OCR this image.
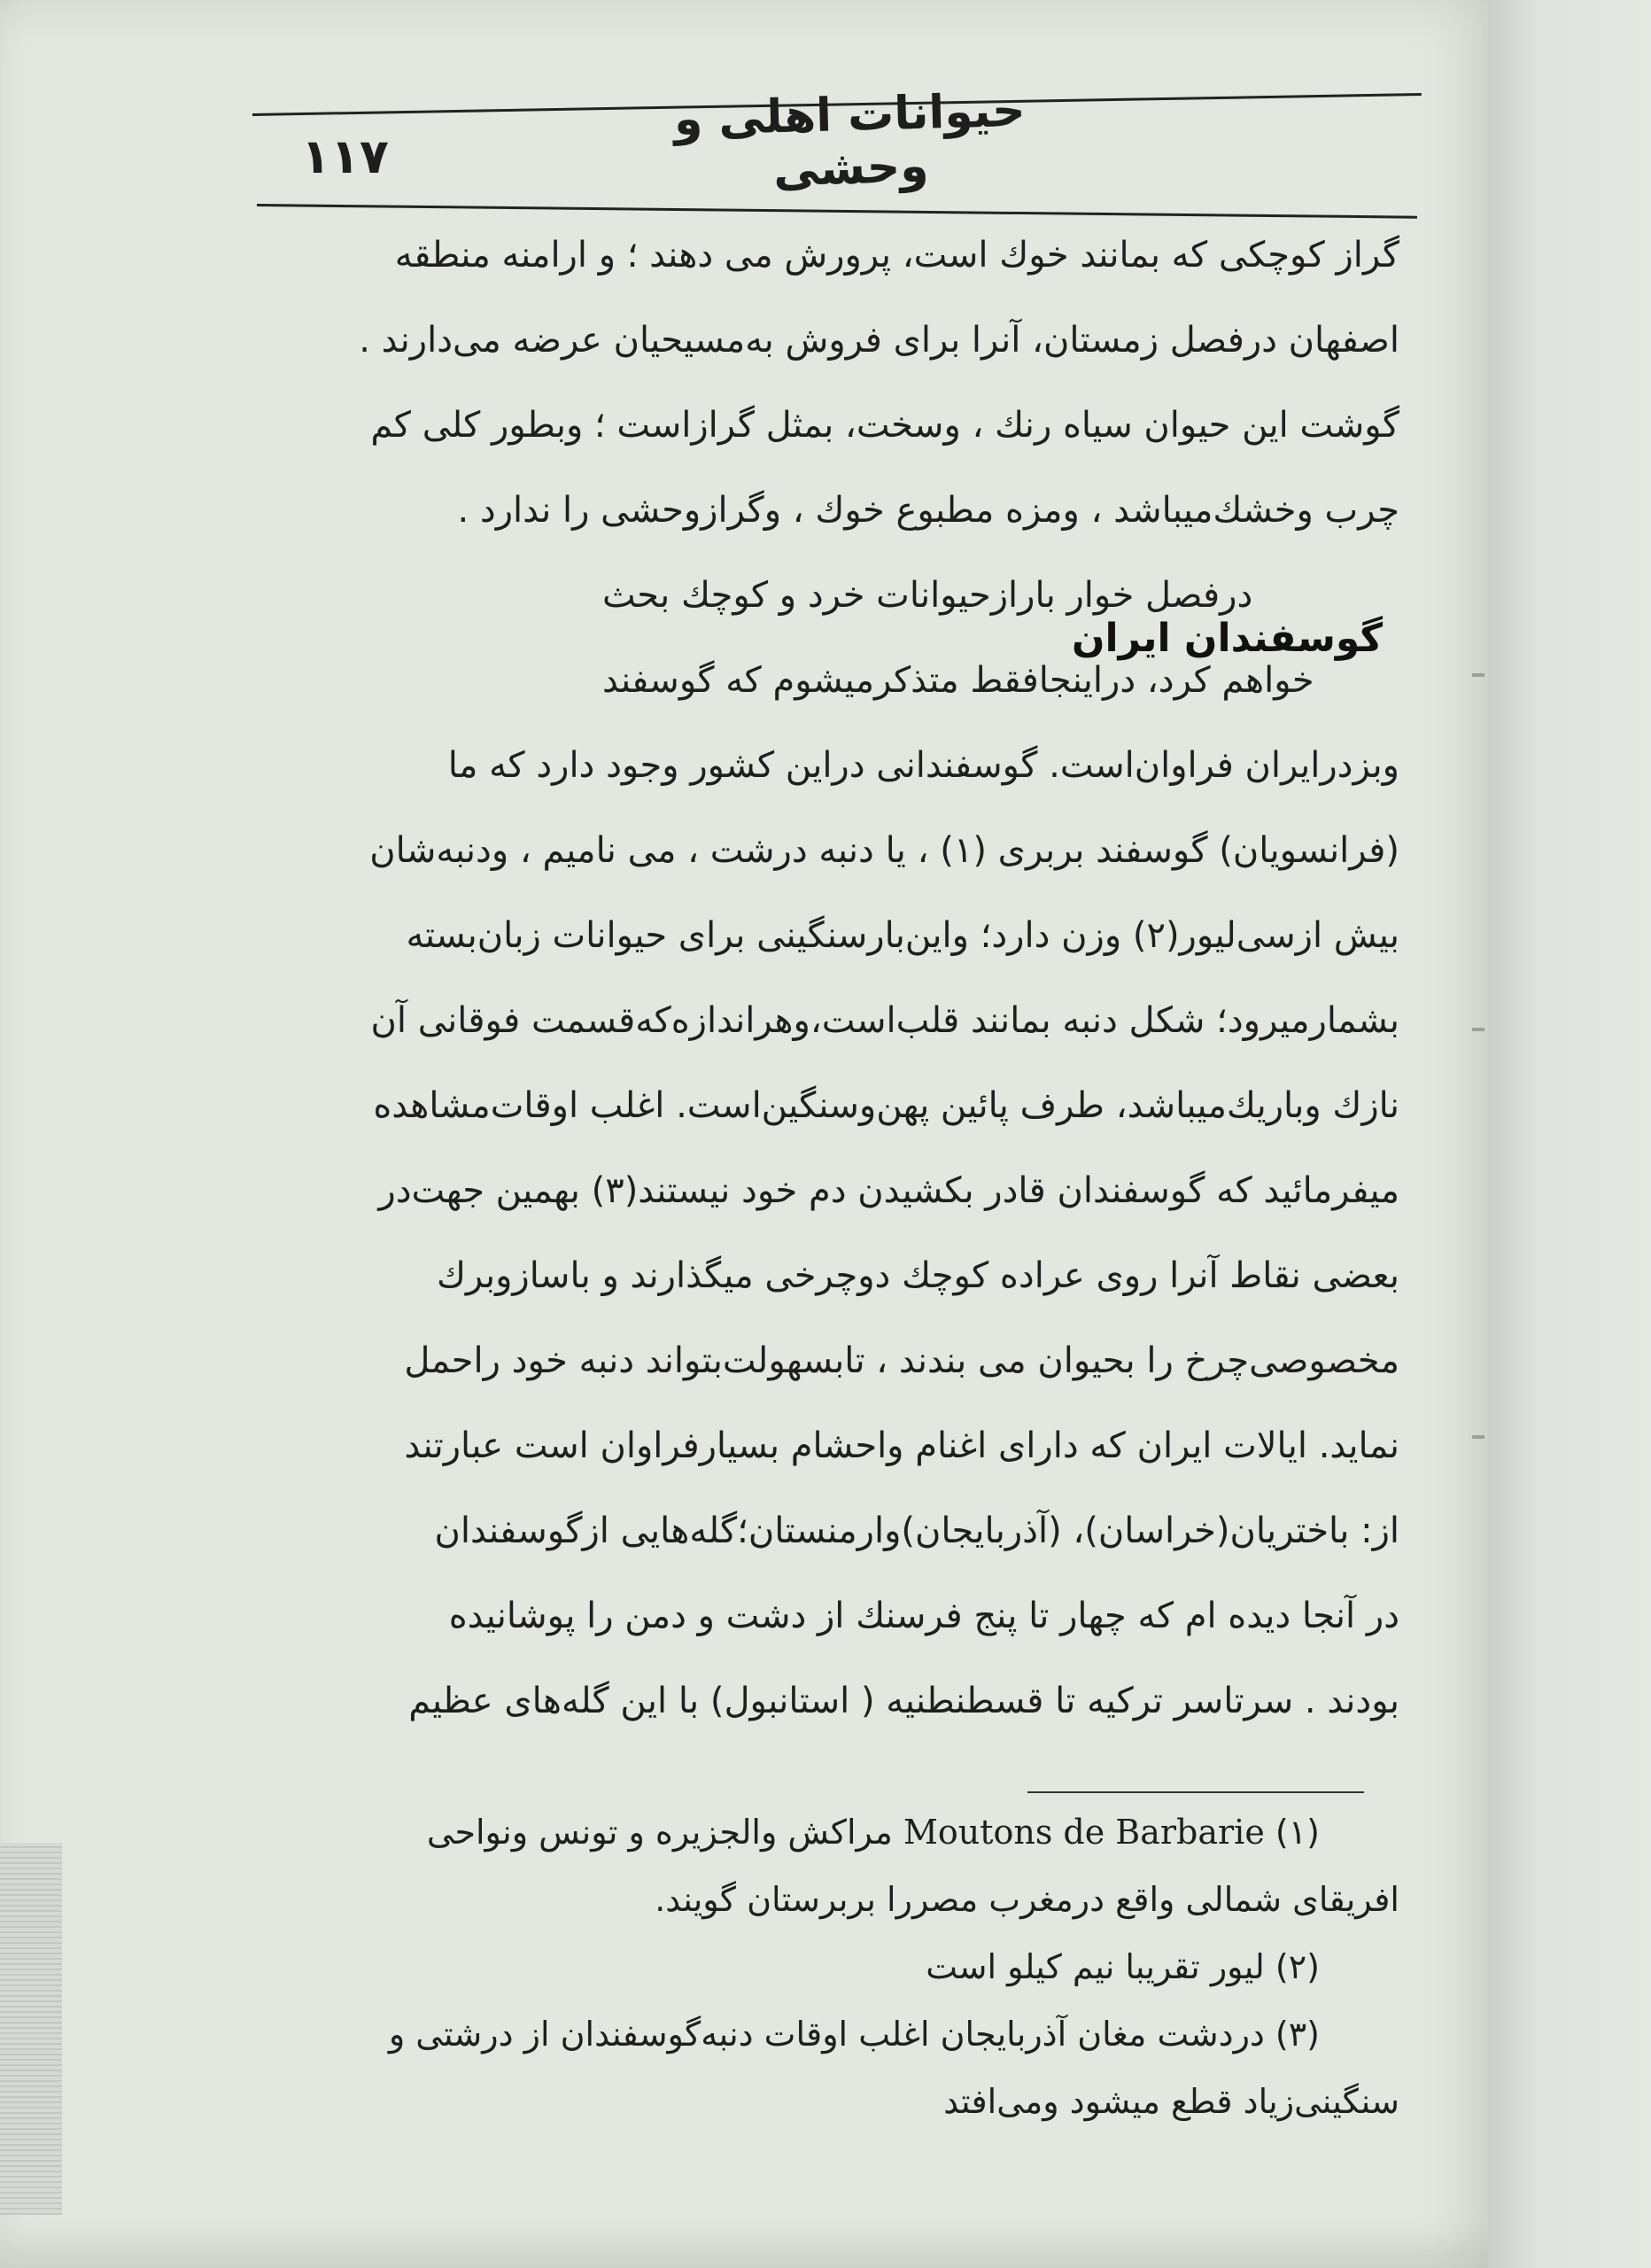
حیوانات اهلی و وحشی
۱۱۷
گوسفندان ایران
گراز کوچکی که بمانند خوك است، پرورش می دهند ؛ و ارامنه منطقه
اصفهان درفصل زمستان، آنرا برای فروش به‌مسیحیان عرضه می‌دارند .
گوشت این حیوان سیاه رنك ، وسخت، بمثل گرازاست ؛ وبطور کلی کم
چرب وخشك‌میباشد ، ومزه مطبوع خوك ، وگرازوحشی را ندارد .
درفصل خوار بارازحیوانات خرد و کوچك بحث
خواهم کرد، دراینجافقط متذکرمیشوم که گوسفند
وبزدرایران فراوان‌است. گوسفندانی دراین کشور وجود دارد که ما
(فرانسویان) گوسفند بربری (۱) ، یا دنبه درشت ، می نامیم ، ودنبه‌شان
بیش ازسی‌لیور(۲) وزن دارد؛ واین‌بارسنگینی برای حیوانات زبان‌بسته
بشمارمیرود؛ شکل دنبه بمانند قلب‌است،وهراندازه‌که‌قسمت فوقانی آن
نازك وباریك‌میباشد، طرف پائین پهن‌وسنگین‌است. اغلب اوقات‌مشاهده
میفرمائید که گوسفندان قادر بکشیدن دم خود نیستند(۳) بهمین جهت‌در
بعضی نقاط آنرا روی عراده کوچك دوچرخی میگذارند و باسازوبرك
مخصوصی‌چرخ را بحیوان می بندند ، تابسهولت‌بتواند دنبه خود راحمل
نماید. ایالات ایران که دارای اغنام واحشام بسیارفراوان است عبارتند
از: باختریان(خراسان)، (آذربایجان)وارمنستان؛گله‌هایی ازگوسفندان
در آنجا دیده ام که چهار تا پنج فرسنك از دشت و دمن را پوشانیده
بودند . سرتاسر ترکیه تا قسطنطنیه ( استانبول) با این گله‌های عظیم
(۱) Moutons de Barbarie مراکش والجزیره و تونس ونواحی
افریقای شمالی واقع درمغرب مصررا بربرستان گویند.
(۲) لیور تقریبا نیم کیلو است
(۳) دردشت مغان آذربایجان اغلب اوقات دنبه‌گوسفندان از درشتی و
سنگینی‌زیاد قطع میشود ومی‌افتد
